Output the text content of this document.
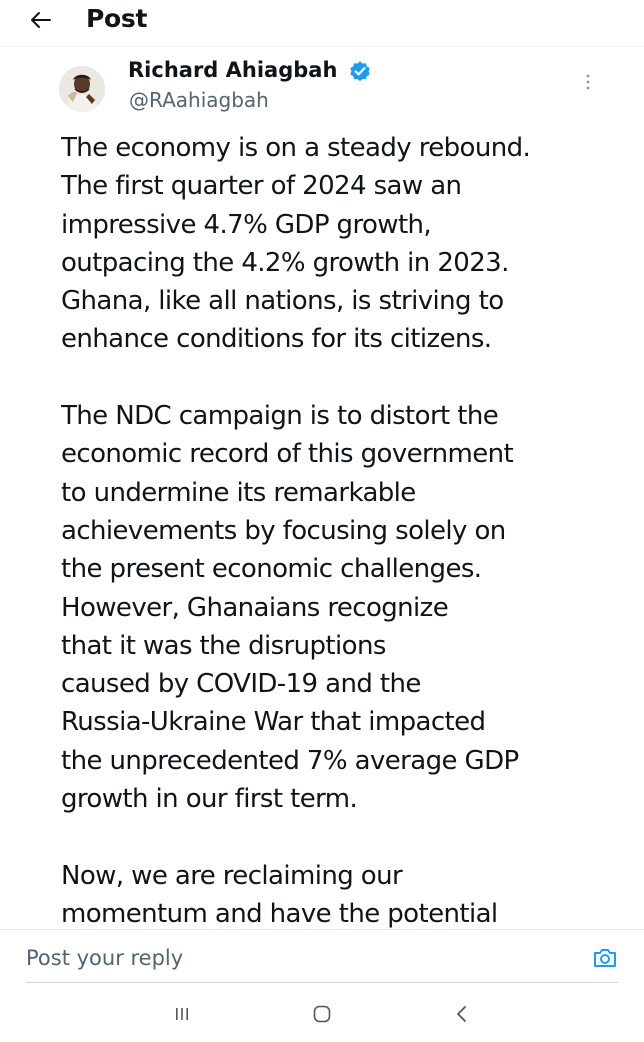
Post
Richard Ahiagbah
@RAahiagbah
The economy is on a steady rebound.
The first quarter of 2024 saw an
impressive 4.7% GDP growth,
outpacing the 4.2% growth in 2023.
Ghana, like all nations, is striving to
enhance conditions for its citizens.
The NDC campaign is to distort the
economic record of this government
to undermine its remarkable
achievements by focusing solely on
the present economic challenges.
However, Ghanaians recognize
that it was the disruptions
caused by COVID-19 and the
Russia-Ukraine War that impacted
the unprecedented 7% average GDP
growth in our first term.
Now, we are reclaiming our
momentum and have the potential
Post your reply
